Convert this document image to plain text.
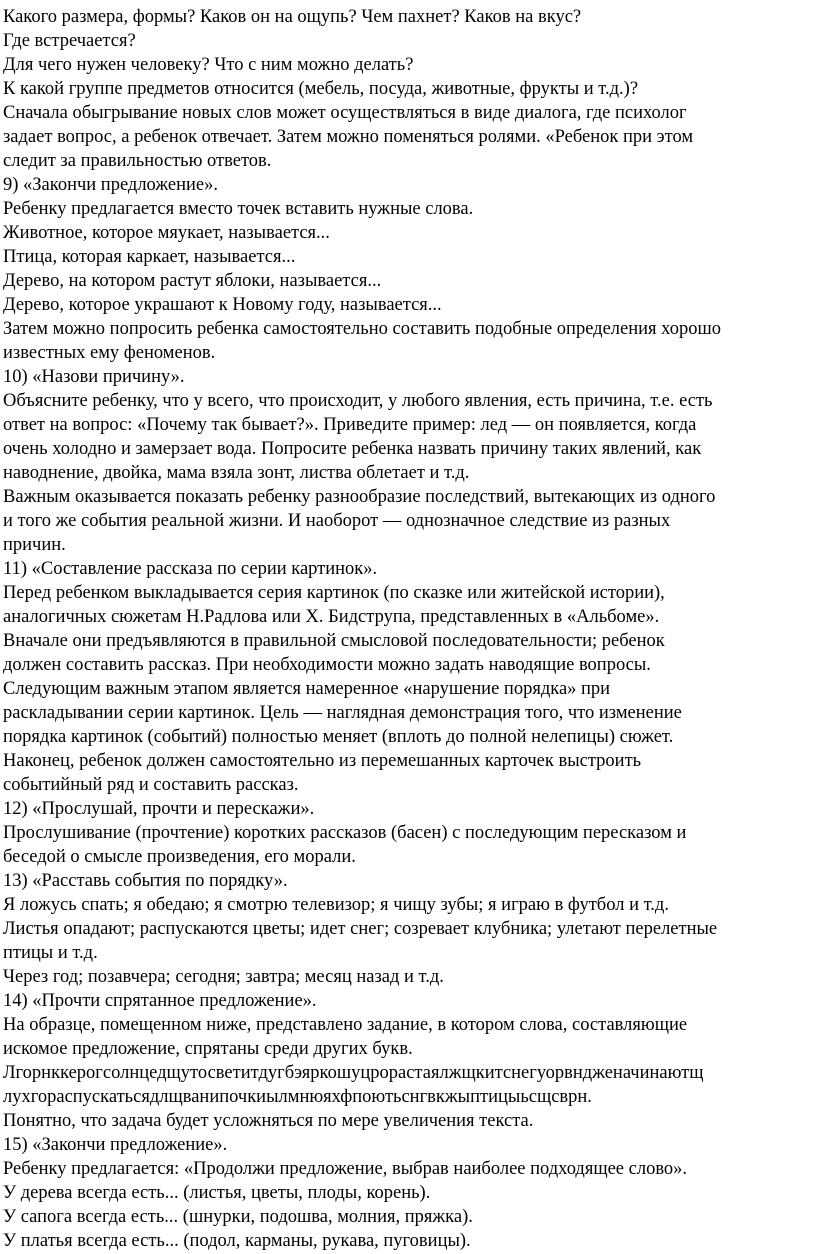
Какого размера, формы? Каков он на ощупь? Чем пахнет? Каков на вкус?

Где встречается?

Для чего нужен человеку? Что с ним можно делать?

К какой группе предметов относится (мебель, посуда, животные, фрукты и т.д.)?

Сначала обыгрывание новых слов может осуществляться в виде диалога, где психолог

задает вопрос, а ребенок отвечает. Затем можно поменяться ролями. «Ребенок при этом

следит за правильностью ответов.

9) «Закончи предложение».

Ребенку предлагается вместо точек вставить нужные слова.

Животное, которое мяукает, называется...

Птица, которая каркает, называется...

Дерево, на котором растут яблоки, называется...

Дерево, которое украшают к Новому году, называется...

Затем можно попросить ребенка самостоятельно составить подобные определения хорошо

известных ему феноменов.

10) «Назови причину».

Объясните ребенку, что у всего, что происходит, у любого явления, есть причина, т.е. есть

ответ на вопрос: «Почему так бывает?». Приведите пример: лед — он появляется, когда

очень холодно и замерзает вода. Попросите ребенка назвать причину таких явлений, как

наводнение, двойка, мама взяла зонт, листва облетает и т.д.

Важным оказывается показать ребенку разнообразие последствий, вытекающих из одного

и того же события реальной жизни. И наоборот — однозначное следствие из разных

причин.

11) «Составление рассказа по серии картинок».

Перед ребенком выкладывается серия картинок (по сказке или житейской истории),

аналогичных сюжетам Н.Радлова или Х. Бидструпа, представленных в «Альбоме».

Вначале они предъявляются в правильной смысловой последовательности; ребенок

должен составить рассказ. При необходимости можно задать наводящие вопросы.

Следующим важным этапом является намеренное «нарушение порядка» при

раскладывании серии картинок. Цель — наглядная демонстрация того, что изменение

порядка картинок (событий) полностью меняет (вплоть до полной нелепицы) сюжет.

Наконец, ребенок должен самостоятельно из перемешанных карточек выстроить

событийный ряд и составить рассказ.

12) «Прослушай, прочти и перескажи».

Прослушивание (прочтение) коротких рассказов (басен) с последующим пересказом и

беседой о смысле произведения, его морали.

13) «Расставь события по порядку».

Я ложусь спать; я обедаю; я смотрю телевизор; я чищу зубы; я играю в футбол и т.д.

Листья опадают; распускаются цветы; идет снег; созревает клубника; улетают перелетные

птицы и т.д.

Через год; позавчера; сегодня; завтра; месяц назад и т.д.

14) «Прочти спрятанное предложение».

На образце, помещенном ниже, представлено задание, в котором слова, составляющие

искомое предложение, спрятаны среди других букв.

Лгорнккерогсолнцедщутосветитдугбэяркошуцрорастаялжщкитснегуорвндженачинаютщ

лухгораспускатьсядлщванипочкиылмнюяхфпоютьснгвкжыптицыьсщсврн.

Понятно, что задача будет усложняться по мере увеличения текста.

15) «Закончи предложение».

Ребенку предлагается: «Продолжи предложение, выбрав наиболее подходящее слово».

У дерева всегда есть... (листья, цветы, плоды, корень).

У сапога всегда есть... (шнурки, подошва, молния, пряжка).

У платья всегда есть... (подол, карманы, рукава, пуговицы).
